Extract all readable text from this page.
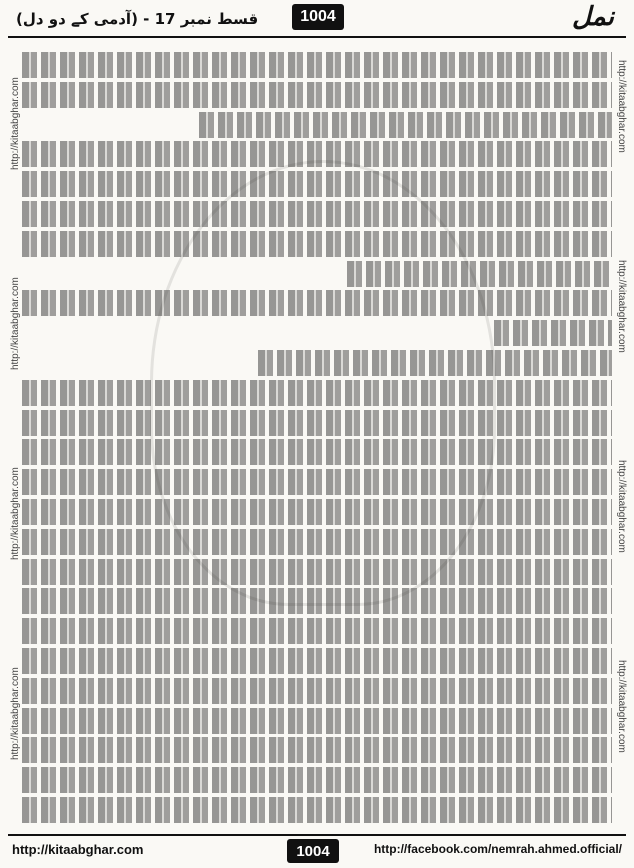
قسط نمبر 17 - (آدمی کے دو دل)	1004	نمل
http://kitaabghar.com
http://kitaabghar.com
http://kitaabghar.com
http://kitaabghar.com	http://kitaabghar.com
http://kitaabghar.com
http://kitaabghar.com
http://kitaabghar.com
http://kitaabghar.com	1004	http://facebook.com/nemrah.ahmed.official/
